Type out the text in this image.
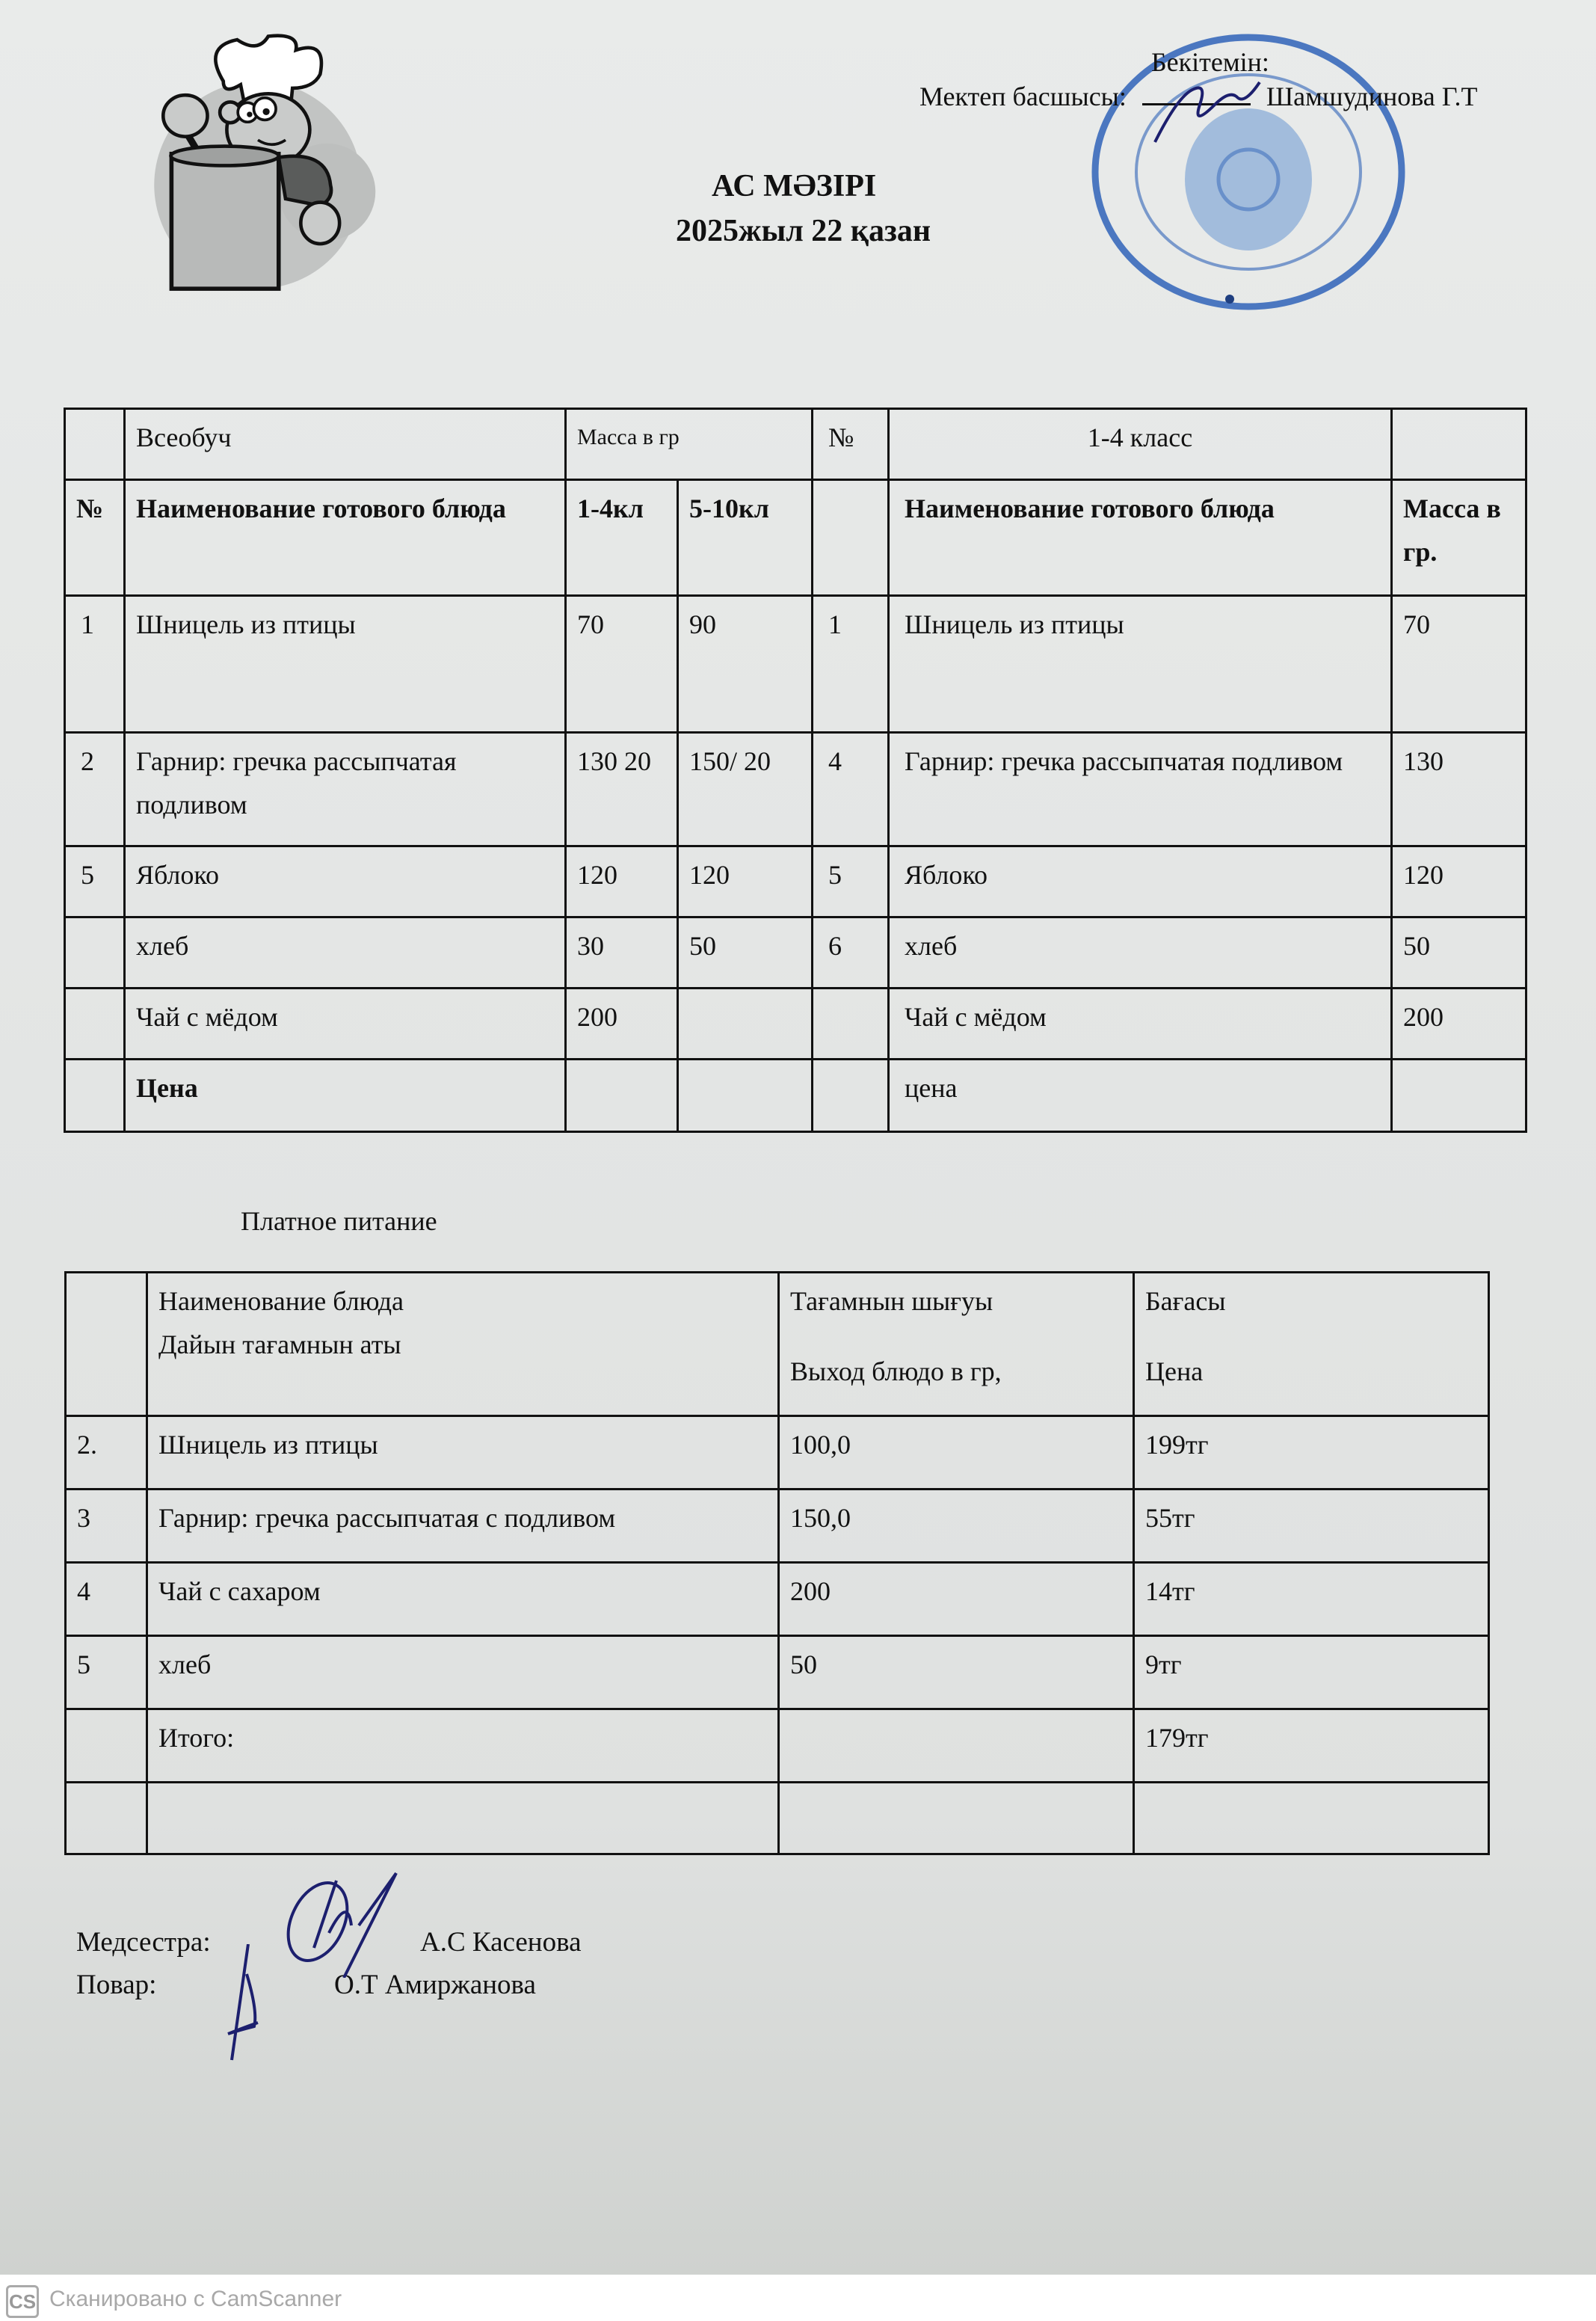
Бекітемін:
Мектеп басшысы:	Шамшудинова Г.Т
АС МӘЗІРІ
2025жыл 22 қазан
	Всеобуч	Масса в гр		№	1-4 класс	
№	Наименование готового блюда	1-4кл	5-10кл		Наименование готового блюда	Масса в гр.
1	Шницель из птицы	70	90	1	Шницель из птицы	70
2	Гарнир: гречка рассыпчатая подливом	130 20	150/ 20	4	Гарнир: гречка рассыпчатая подливом	130
5	Яблоко	120	120	5	Яблоко	120
	хлеб	30	50	6	хлеб	50
	Чай с мёдом	200			Чай с мёдом	200
	Цена				цена	
Платное питание

Наименование блюда
Дайын тағамнын аты

Тағамнын шығуы
Выход блюдо в гр,

Бағасы
Цена

2.	Шницель из птицы	100,0	199тг
3	Гарнир: гречка рассыпчатая с подливом	150,0	55тг
4	Чай с сахаром	200	14тг
5	хлеб	50	9тг
	Итого:		179тг

Медсестра:	А.С Касенова
Повар:	О.Т Амиржанова
CS Сканировано с CamScanner
